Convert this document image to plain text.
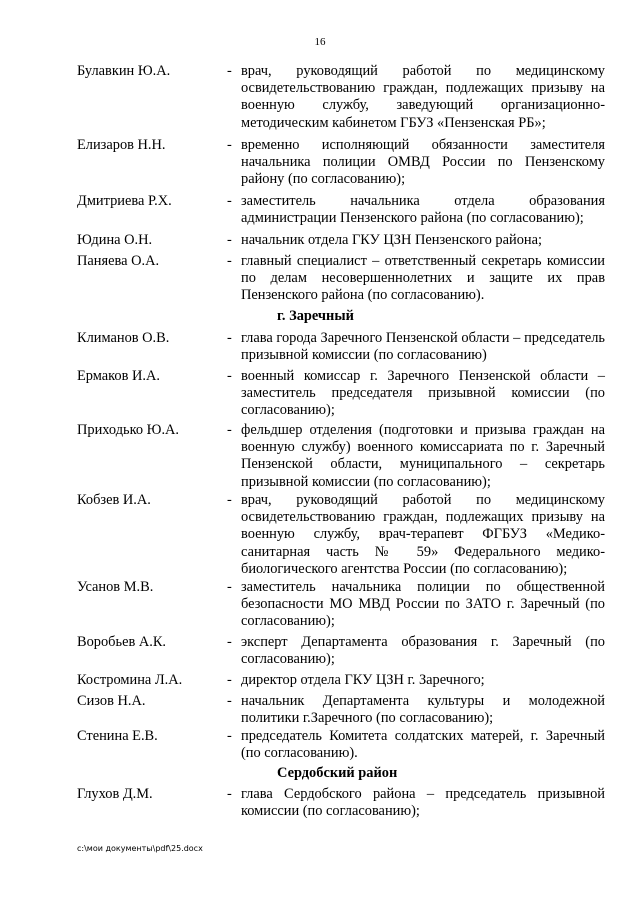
16
Булавкин Ю.А.	- врач, руководящий работой по медицинскому освидетельствованию граждан, подлежащих призыву на военную службу, заведующий организационно-методическим кабинетом ГБУЗ «Пензенская РБ»;
Елизаров Н.Н.	- временно исполняющий обязанности заместителя начальника полиции ОМВД России по Пензенскому району (по согласованию);
Дмитриева Р.Х.	- заместитель начальника отдела образования администрации Пензенского района (по согласованию);
Юдина О.Н.	- начальник отдела ГКУ ЦЗН Пензенского района;
Паняева О.А.	- главный специалист – ответственный секретарь комиссии по делам несовершеннолетних и защите их прав Пензенского района (по согласованию).
г. Заречный
Климанов О.В.	- глава города Заречного Пензенской области – председатель призывной комиссии (по согласованию)
Ермаков И.А.	- военный комиссар г. Заречного Пензенской области – заместитель председателя призывной комиссии (по согласованию);
Приходько Ю.А.	- фельдшер отделения (подготовки и призыва граждан на военную службу) военного комиссариата по г. Заречный Пензенской области, муниципального – секретарь призывной комиссии (по согласованию);
Кобзев И.А.	- врач, руководящий работой по медицинскому освидетельствованию граждан, подлежащих призыву на военную службу, врач-терапевт ФГБУЗ «Медико-санитарная часть № 59» Федерального медико-биологического агентства России (по согласованию);
Усанов М.В.	- заместитель начальника полиции по общественной безопасности МО МВД России по ЗАТО г. Заречный (по согласованию);
Воробьев А.К.	- эксперт Департамента образования г. Заречный (по согласованию);
Костромина Л.А.	- директор отдела ГКУ ЦЗН г. Заречного;
Сизов Н.А.	- начальник Департамента культуры и молодежной политики г.Заречного (по согласованию);
Стенина Е.В.	- председатель Комитета солдатских матерей, г. Заречный (по согласованию).
Сердобский район
Глухов Д.М.	- глава Сердобского района – председатель призывной комиссии (по согласованию);
c:\мои документы\pdf\25.docx
